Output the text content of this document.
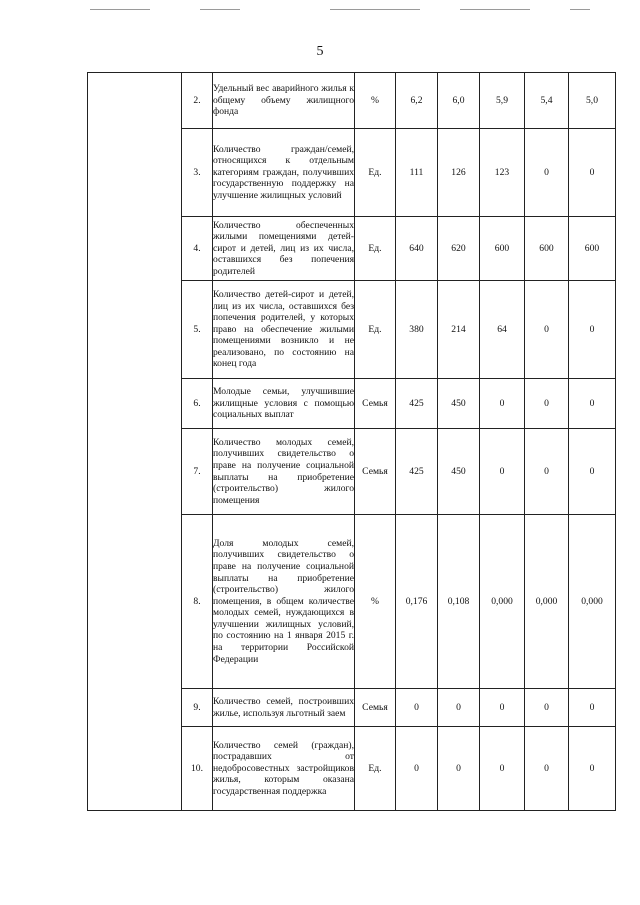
5
	2.	Удельный вес аварийного жилья к общему объему жилищного фонда	%	6,2	6,0	5,9	5,4	5,0
	3.	Количество граждан/семей, относящихся к отдельным категориям граждан, получивших государственную поддержку на улучшение жилищных условий	Ед.	111	126	123	0	0
	4.	Количество обеспеченных жилыми помещениями детей-сирот и детей, лиц из их числа, оставшихся без попечения родителей	Ед.	640	620	600	600	600
	5.	Количество детей-сирот и детей, лиц из их числа, оставшихся без попечения родителей, у которых право на обеспечение жилыми помещениями возникло и не реализовано, по состоянию на конец года	Ед.	380	214	64	0	0
	6.	Молодые семьи, улучшившие жилищные условия с помощью социальных выплат	Семья	425	450	0	0	0
	7.	Количество молодых семей, получивших свидетельство о праве на получение социальной выплаты на приобретение (строительство) жилого помещения	Семья	425	450	0	0	0
	8.	Доля молодых семей, получивших свидетельство о праве на получение социальной выплаты на приобретение (строительство) жилого помещения, в общем количестве молодых семей, нуждающихся в улучшении жилищных условий, по состоянию на 1 января 2015 г. на территории Российской Федерации	%	0,176	0,108	0,000	0,000	0,000
	9.	Количество семей, построивших жилье, используя льготный заем	Семья	0	0	0	0	0
	10.	Количество семей (граждан), пострадавших от недобросовестных застройщиков жилья, которым оказана государственная поддержка	Ед.	0	0	0	0	0
